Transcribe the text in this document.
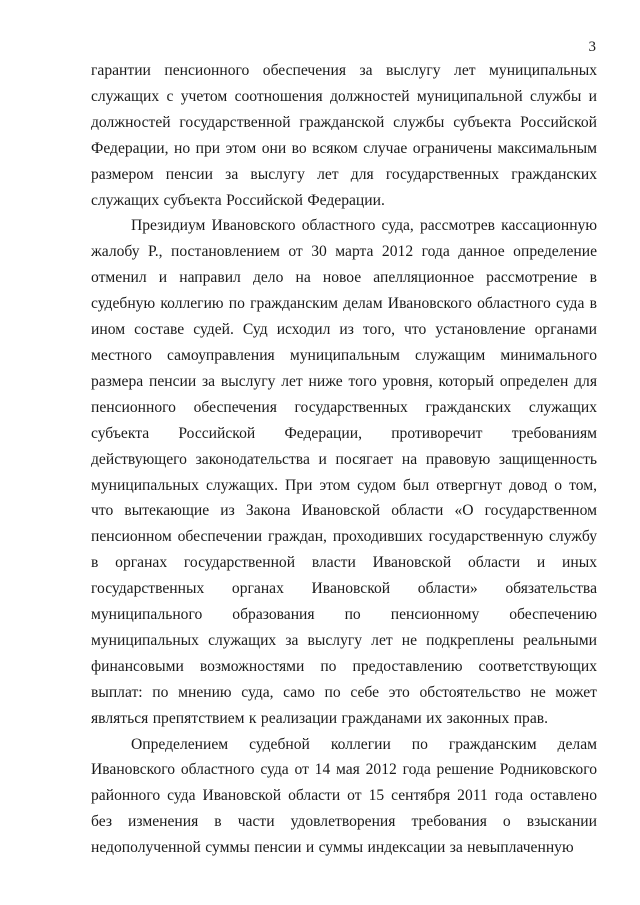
3

гарантии пенсионного обеспечения за выслугу лет муниципальных служащих с учетом соотношения должностей муниципальной службы и должностей государственной гражданской службы субъекта Российской Федерации, но при этом они во всяком случае ограничены максимальным размером пенсии за выслугу лет для государственных гражданских служащих субъекта Российской Федерации.

Президиум Ивановского областного суда, рассмотрев кассационную жалобу Р., постановлением от 30 марта 2012 года данное определение отменил и направил дело на новое апелляционное рассмотрение в судебную коллегию по гражданским делам Ивановского областного суда в ином составе судей. Суд исходил из того, что установление органами местного самоуправления муниципальным служащим минимального размера пенсии за выслугу лет ниже того уровня, который определен для пенсионного обеспечения государственных гражданских служащих субъекта Российской Федерации, противоречит требованиям действующего законодательства и посягает на правовую защищенность муниципальных служащих. При этом судом был отвергнут довод о том, что вытекающие из Закона Ивановской области «О государственном пенсионном обеспечении граждан, проходивших государственную службу в органах государственной власти Ивановской области и иных государственных органах Ивановской области» обязательства муниципального образования по пенсионному обеспечению муниципальных служащих за выслугу лет не подкреплены реальными финансовыми возможностями по предоставлению соответствующих выплат: по мнению суда, само по себе это обстоятельство не может являться препятствием к реализации гражданами их законных прав.

Определением судебной коллегии по гражданским делам Ивановского областного суда от 14 мая 2012 года решение Родниковского районного суда Ивановской области от 15 сентября 2011 года оставлено без изменения в части удовлетворения требования о взыскании недополученной суммы пенсии и суммы индексации за невыплаченную
